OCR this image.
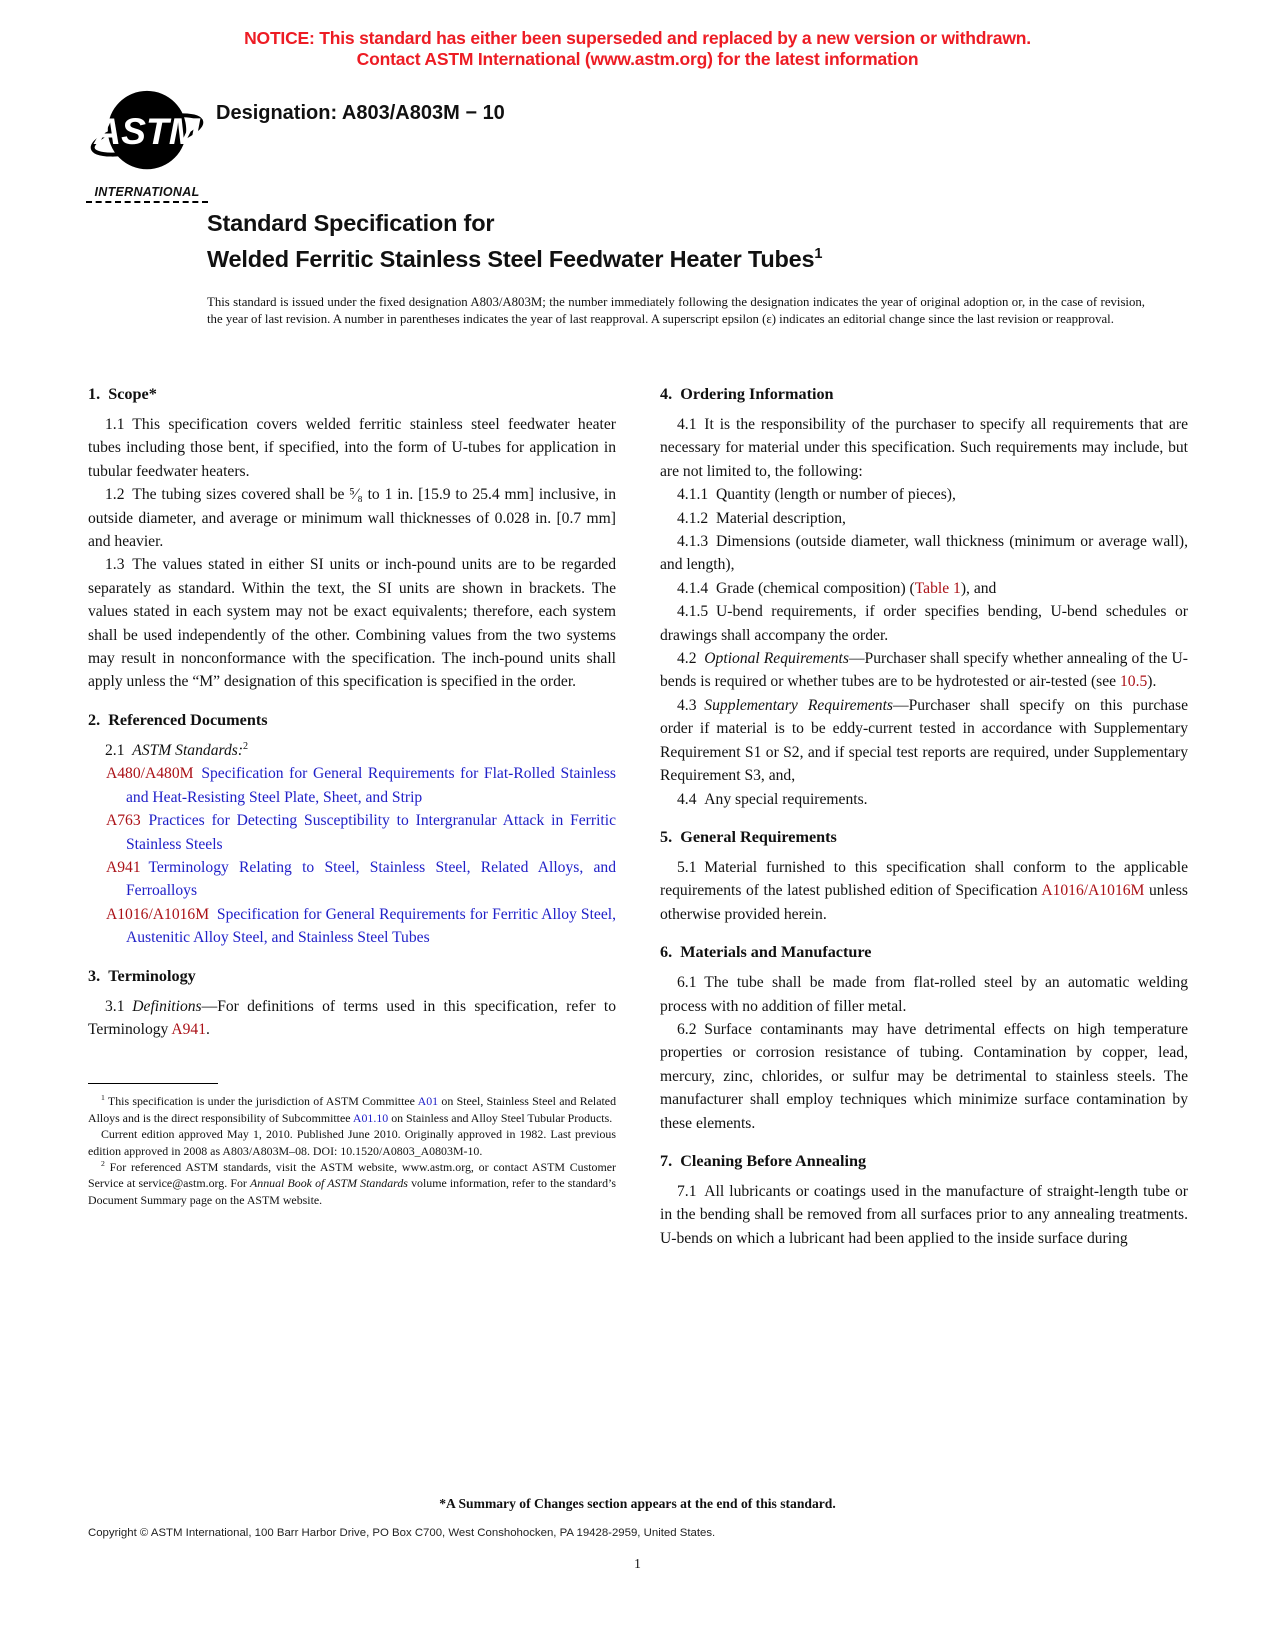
NOTICE: This standard has either been superseded and replaced by a new version or withdrawn.
Contact ASTM International (www.astm.org) for the latest information
ASTM
INTERNATIONAL
Designation: A803/A803M − 10
Standard Specification for
Welded Ferritic Stainless Steel Feedwater Heater Tubes$^1$
This standard is issued under the fixed designation A803/A803M; the number immediately following the designation indicates the year of original adoption or, in the case of revision, the year of last revision. A number in parentheses indicates the year of last reapproval. A superscript epsilon (ε) indicates an editorial change since the last revision or reapproval.
1. Scope*

1.1 This specification covers welded ferritic stainless steel feedwater heater tubes including those bent, if specified, into the form of U-tubes for application in tubular feedwater heaters.

1.2 The tubing sizes covered shall be ⁵⁄₈ to 1 in. [15.9 to 25.4 mm] inclusive, in outside diameter, and average or minimum wall thicknesses of 0.028 in. [0.7 mm] and heavier.

1.3 The values stated in either SI units or inch-pound units are to be regarded separately as standard. Within the text, the SI units are shown in brackets. The values stated in each system may not be exact equivalents; therefore, each system shall be used independently of the other. Combining values from the two systems may result in nonconformance with the specification. The inch-pound units shall apply unless the “M” designation of this specification is specified in the order.

2. Referenced Documents

2.1 ASTM Standards:$^2$

A480/A480M  Specification for General Requirements for Flat-Rolled Stainless and Heat-Resisting Steel Plate, Sheet, and Strip

A763  Practices for Detecting Susceptibility to Intergranular Attack in Ferritic Stainless Steels

A941  Terminology Relating to Steel, Stainless Steel, Related Alloys, and Ferroalloys

A1016/A1016M  Specification for General Requirements for Ferritic Alloy Steel, Austenitic Alloy Steel, and Stainless Steel Tubes

3. Terminology

3.1 Definitions—For definitions of terms used in this specification, refer to Terminology A941.

$^1$ This specification is under the jurisdiction of ASTM Committee A01 on Steel, Stainless Steel and Related Alloys and is the direct responsibility of Subcommittee A01.10 on Stainless and Alloy Steel Tubular Products.

Current edition approved May 1, 2010. Published June 2010. Originally approved in 1982. Last previous edition approved in 2008 as A803/A803M–08. DOI: 10.1520/A0803_A0803M-10.

$^2$ For referenced ASTM standards, visit the ASTM website, www.astm.org, or contact ASTM Customer Service at service@astm.org. For Annual Book of ASTM Standards volume information, refer to the standard’s Document Summary page on the ASTM website.

4. Ordering Information

4.1 It is the responsibility of the purchaser to specify all requirements that are necessary for material under this specification. Such requirements may include, but are not limited to, the following:

4.1.1 Quantity (length or number of pieces),

4.1.2 Material description,

4.1.3 Dimensions (outside diameter, wall thickness (minimum or average wall), and length),

4.1.4 Grade (chemical composition) (Table 1), and

4.1.5 U-bend requirements, if order specifies bending, U-bend schedules or drawings shall accompany the order.

4.2 Optional Requirements—Purchaser shall specify whether annealing of the U-bends is required or whether tubes are to be hydrotested or air-tested (see 10.5).

4.3 Supplementary Requirements—Purchaser shall specify on this purchase order if material is to be eddy-current tested in accordance with Supplementary Requirement S1 or S2, and if special test reports are required, under Supplementary Requirement S3, and,

4.4 Any special requirements.

5. General Requirements

5.1 Material furnished to this specification shall conform to the applicable requirements of the latest published edition of Specification A1016/A1016M unless otherwise provided herein.

6. Materials and Manufacture

6.1 The tube shall be made from flat-rolled steel by an automatic welding process with no addition of filler metal.

6.2 Surface contaminants may have detrimental effects on high temperature properties or corrosion resistance of tubing. Contamination by copper, lead, mercury, zinc, chlorides, or sulfur may be detrimental to stainless steels. The manufacturer shall employ techniques which minimize surface contamination by these elements.

7. Cleaning Before Annealing

7.1 All lubricants or coatings used in the manufacture of straight-length tube or in the bending shall be removed from all surfaces prior to any annealing treatments. U-bends on which a lubricant had been applied to the inside surface during

*A Summary of Changes section appears at the end of this standard.
Copyright © ASTM International, 100 Barr Harbor Drive, PO Box C700, West Conshohocken, PA 19428-2959, United States.
1
